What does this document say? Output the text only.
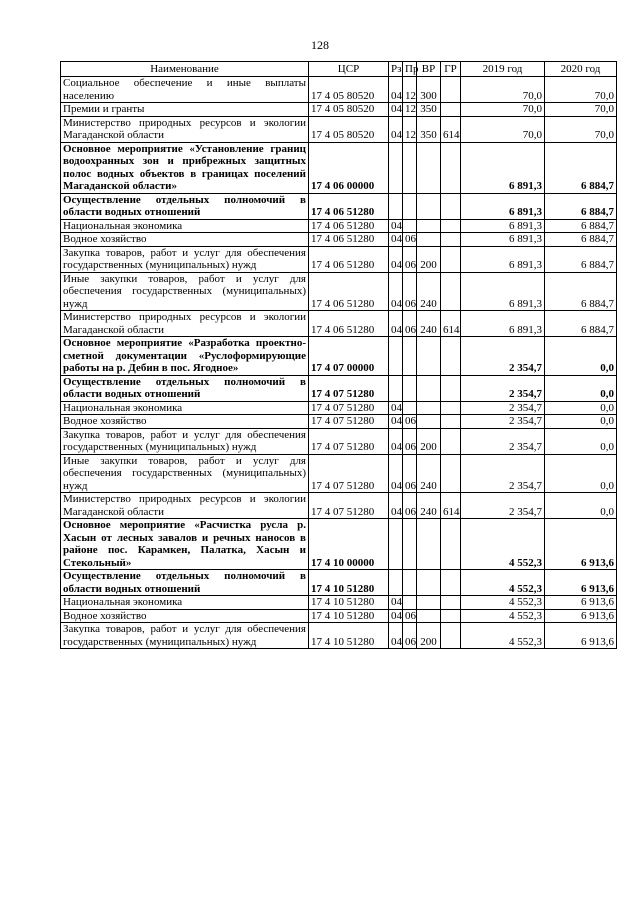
128
Наименование	ЦСР	Рз	Пр	ВР	ГР	2019 год	2020 год
Социальное обеспечение и иные выплаты населению	17 4 05 80520	04	12	300		70,0	70,0
Премии и гранты	17 4 05 80520	04	12	350		70,0	70,0
Министерство природных ресурсов и экологии Магаданской области	17 4 05 80520	04	12	350	614	70,0	70,0
Основное мероприятие «Установление границ водоохранных зон и прибрежных защитных полос водных объектов в границах поселений Магаданской области»	17 4 06 00000					6 891,3	6 884,7
Осуществление отдельных полномочий в области водных отношений	17 4 06 51280					6 891,3	6 884,7
Национальная экономика	17 4 06 51280	04				6 891,3	6 884,7
Водное хозяйство	17 4 06 51280	04	06			6 891,3	6 884,7
Закупка товаров, работ и услуг для обеспечения государственных (муниципальных) нужд	17 4 06 51280	04	06	200		6 891,3	6 884,7
Иные закупки товаров, работ и услуг для обеспечения государственных (муниципальных) нужд	17 4 06 51280	04	06	240		6 891,3	6 884,7
Министерство природных ресурсов и экологии Магаданской области	17 4 06 51280	04	06	240	614	6 891,3	6 884,7
Основное мероприятие «Разработка проектно-сметной документации «Руслоформирующие работы на р. Дебин в пос. Ягодное»	17 4 07 00000					2 354,7	0,0
Осуществление отдельных полномочий в области водных отношений	17 4 07 51280					2 354,7	0,0
Национальная экономика	17 4 07 51280	04				2 354,7	0,0
Водное хозяйство	17 4 07 51280	04	06			2 354,7	0,0
Закупка товаров, работ и услуг для обеспечения государственных (муниципальных) нужд	17 4 07 51280	04	06	200		2 354,7	0,0
Иные закупки товаров, работ и услуг для обеспечения государственных (муниципальных) нужд	17 4 07 51280	04	06	240		2 354,7	0,0
Министерство природных ресурсов и экологии Магаданской области	17 4 07 51280	04	06	240	614	2 354,7	0,0
Основное мероприятие «Расчистка русла р. Хасын от лесных завалов и речных наносов в районе пос. Карамкен, Палатка, Хасын и Стекольный»	17 4 10 00000					4 552,3	6 913,6
Осуществление отдельных полномочий в области водных отношений	17 4 10 51280					4 552,3	6 913,6
Национальная экономика	17 4 10 51280	04				4 552,3	6 913,6
Водное хозяйство	17 4 10 51280	04	06			4 552,3	6 913,6
Закупка товаров, работ и услуг для обеспечения государственных (муниципальных) нужд	17 4 10 51280	04	06	200		4 552,3	6 913,6
